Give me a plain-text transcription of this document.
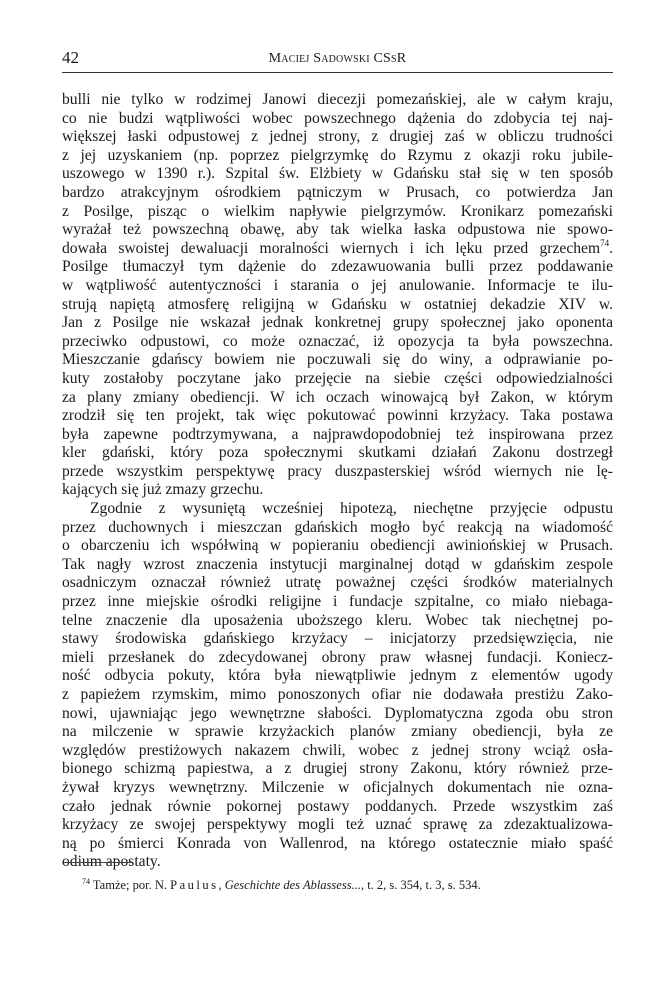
42	Maciej Sadowski CSsR
bulli nie tylko w rodzimej Janowi diecezji pomezańskiej, ale w całym kraju,
co nie budzi wątpliwości wobec powszechnego dążenia do zdobycia tej naj-
większej łaski odpustowej z jednej strony, z drugiej zaś w obliczu trudności
z jej uzyskaniem (np. poprzez pielgrzymkę do Rzymu z okazji roku jubile-
uszowego w 1390 r.). Szpital św. Elżbiety w Gdańsku stał się w ten sposób
bardzo atrakcyjnym ośrodkiem pątniczym w Prusach, co potwierdza Jan
z Posilge, pisząc o wielkim napływie pielgrzymów. Kronikarz pomezański
wyrażał też powszechną obawę, aby tak wielka łaska odpustowa nie spowo-
dowała swoistej dewaluacji moralności wiernych i ich lęku przed grzechem$^{74}$.
Posilge tłumaczył tym dążenie do zdezawuowania bulli przez poddawanie
w wątpliwość autentyczności i starania o jej anulowanie. Informacje te ilu-
strują napiętą atmosferę religijną w Gdańsku w ostatniej dekadzie XIV w.
Jan z Posilge nie wskazał jednak konkretnej grupy społecznej jako oponenta
przeciwko odpustowi, co może oznaczać, iż opozycja ta była powszechna.
Mieszczanie gdańscy bowiem nie poczuwali się do winy, a odprawianie po-
kuty zostałoby poczytane jako przejęcie na siebie części odpowiedzialności
za plany zmiany obediencji. W ich oczach winowajcą był Zakon, w którym
zrodził się ten projekt, tak więc pokutować powinni krzyżacy. Taka postawa
była zapewne podtrzymywana, a najprawdopodobniej też inspirowana przez
kler gdański, który poza społecznymi skutkami działań Zakonu dostrzegł
przede wszystkim perspektywę pracy duszpasterskiej wśród wiernych nie lę-
kających się już zmazy grzechu.
Zgodnie z wysuniętą wcześniej hipotezą, niechętne przyjęcie odpustu
przez duchownych i mieszczan gdańskich mogło być reakcją na wiadomość
o obarczeniu ich współwiną w popieraniu obediencji awiniońskiej w Prusach.
Tak nagły wzrost znaczenia instytucji marginalnej dotąd w gdańskim zespole
osadniczym oznaczał również utratę poważnej części środków materialnych
przez inne miejskie ośrodki religijne i fundacje szpitalne, co miało niebaga-
telne znaczenie dla uposażenia uboższego kleru. Wobec tak niechętnej po-
stawy środowiska gdańskiego krzyżacy – inicjatorzy przedsięwzięcia, nie
mieli przesłanek do zdecydowanej obrony praw własnej fundacji. Koniecz-
ność odbycia pokuty, która była niewątpliwie jednym z elementów ugody
z papieżem rzymskim, mimo ponoszonych ofiar nie dodawała prestiżu Zako-
nowi, ujawniając jego wewnętrzne słabości. Dyplomatyczna zgoda obu stron
na milczenie w sprawie krzyżackich planów zmiany obediencji, była ze
względów prestiżowych nakazem chwili, wobec z jednej strony wciąż osła-
bionego schizmą papiestwa, a z drugiej strony Zakonu, który również prze-
żywał kryzys wewnętrzny. Milczenie w oficjalnych dokumentach nie ozna-
czało jednak równie pokornej postawy poddanych. Przede wszystkim zaś
krzyżacy ze swojej perspektywy mogli też uznać sprawę za zdezaktualizowa-
ną po śmierci Konrada von Wallenrod, na którego ostatecznie miało spaść
odium apostaty.
$^{74}$ Tamże; por. N. Paulus, Geschichte des Ablassess..., t. 2, s. 354, t. 3, s. 534.
